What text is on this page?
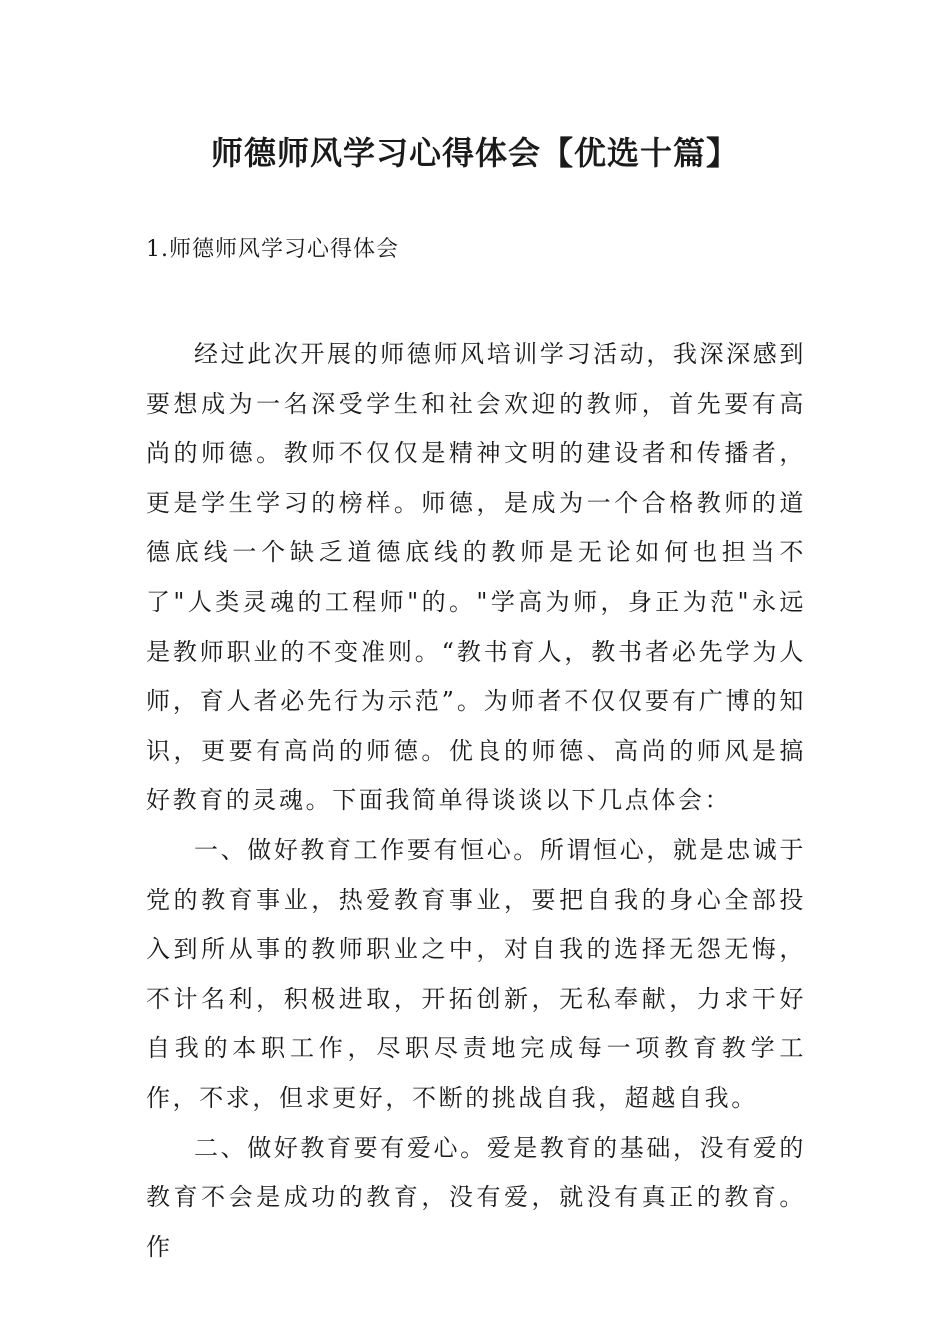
师德师风学习心得体会【优选十篇】

1.师德师风学习心得体会

经过此次开展的师德师风培训学习活动，我深深感到要想成为一名深受学生和社会欢迎的教师，首先要有高尚的师德。教师不仅仅是精神文明的建设者和传播者，更是学生学习的榜样。师德，是成为一个合格教师的道德底线一个缺乏道德底线的教师是无论如何也担当不了"人类灵魂的工程师"的。"学高为师，身正为范"永远是教师职业的不变准则。“教书育人，教书者必先学为人师，育人者必先行为示范”。为师者不仅仅要有广博的知识，更要有高尚的师德。优良的师德、高尚的师风是搞好教育的灵魂。下面我简单得谈谈以下几点体会：

一、做好教育工作要有恒心。所谓恒心，就是忠诚于党的教育事业，热爱教育事业，要把自我的身心全部投入到所从事的教师职业之中，对自我的选择无怨无悔，不计名利，积极进取，开拓创新，无私奉献，力求干好自我的本职工作，尽职尽责地完成每一项教育教学工作，不求，但求更好，不断的挑战自我，超越自我。

二、做好教育要有爱心。爱是教育的基础，没有爱的教育不会是成功的教育，没有爱，就没有真正的教育。作
